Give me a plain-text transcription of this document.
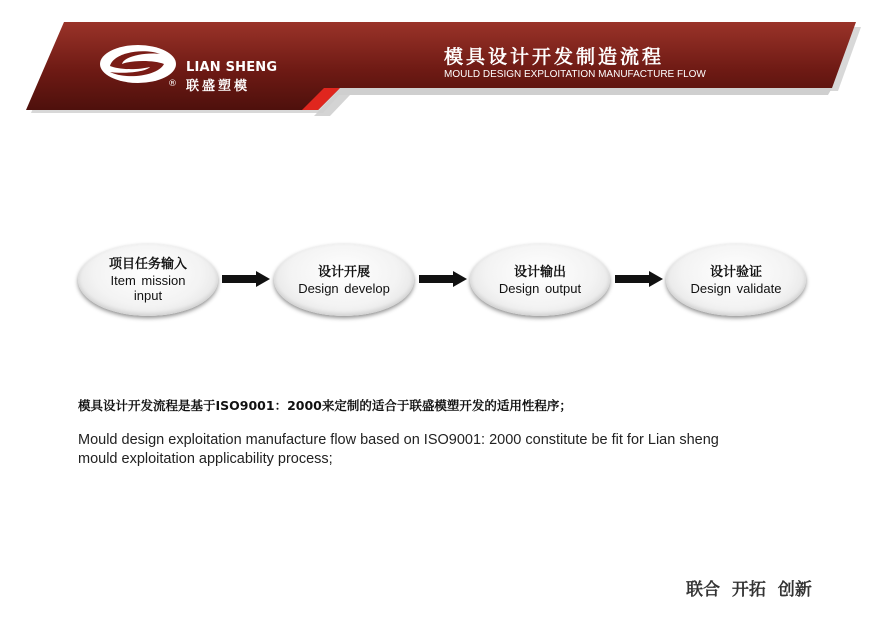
®
LIAN SHENG
联盛塑模
模具设计开发制造流程
MOULD DESIGN EXPLOITATION MANUFACTURE FLOW
项目任务输入
Item mission
input
设计开展
Design develop
设计输出
Design output
设计验证
Design validate
模具设计开发流程是基于ISO9001：2000来定制的适合于联盛模塑开发的适用性程序；
Mould design exploitation manufacture flow based on ISO9001: 2000 constitute be fit for Lian sheng mould exploitation applicability process;
联合 开拓 创新
